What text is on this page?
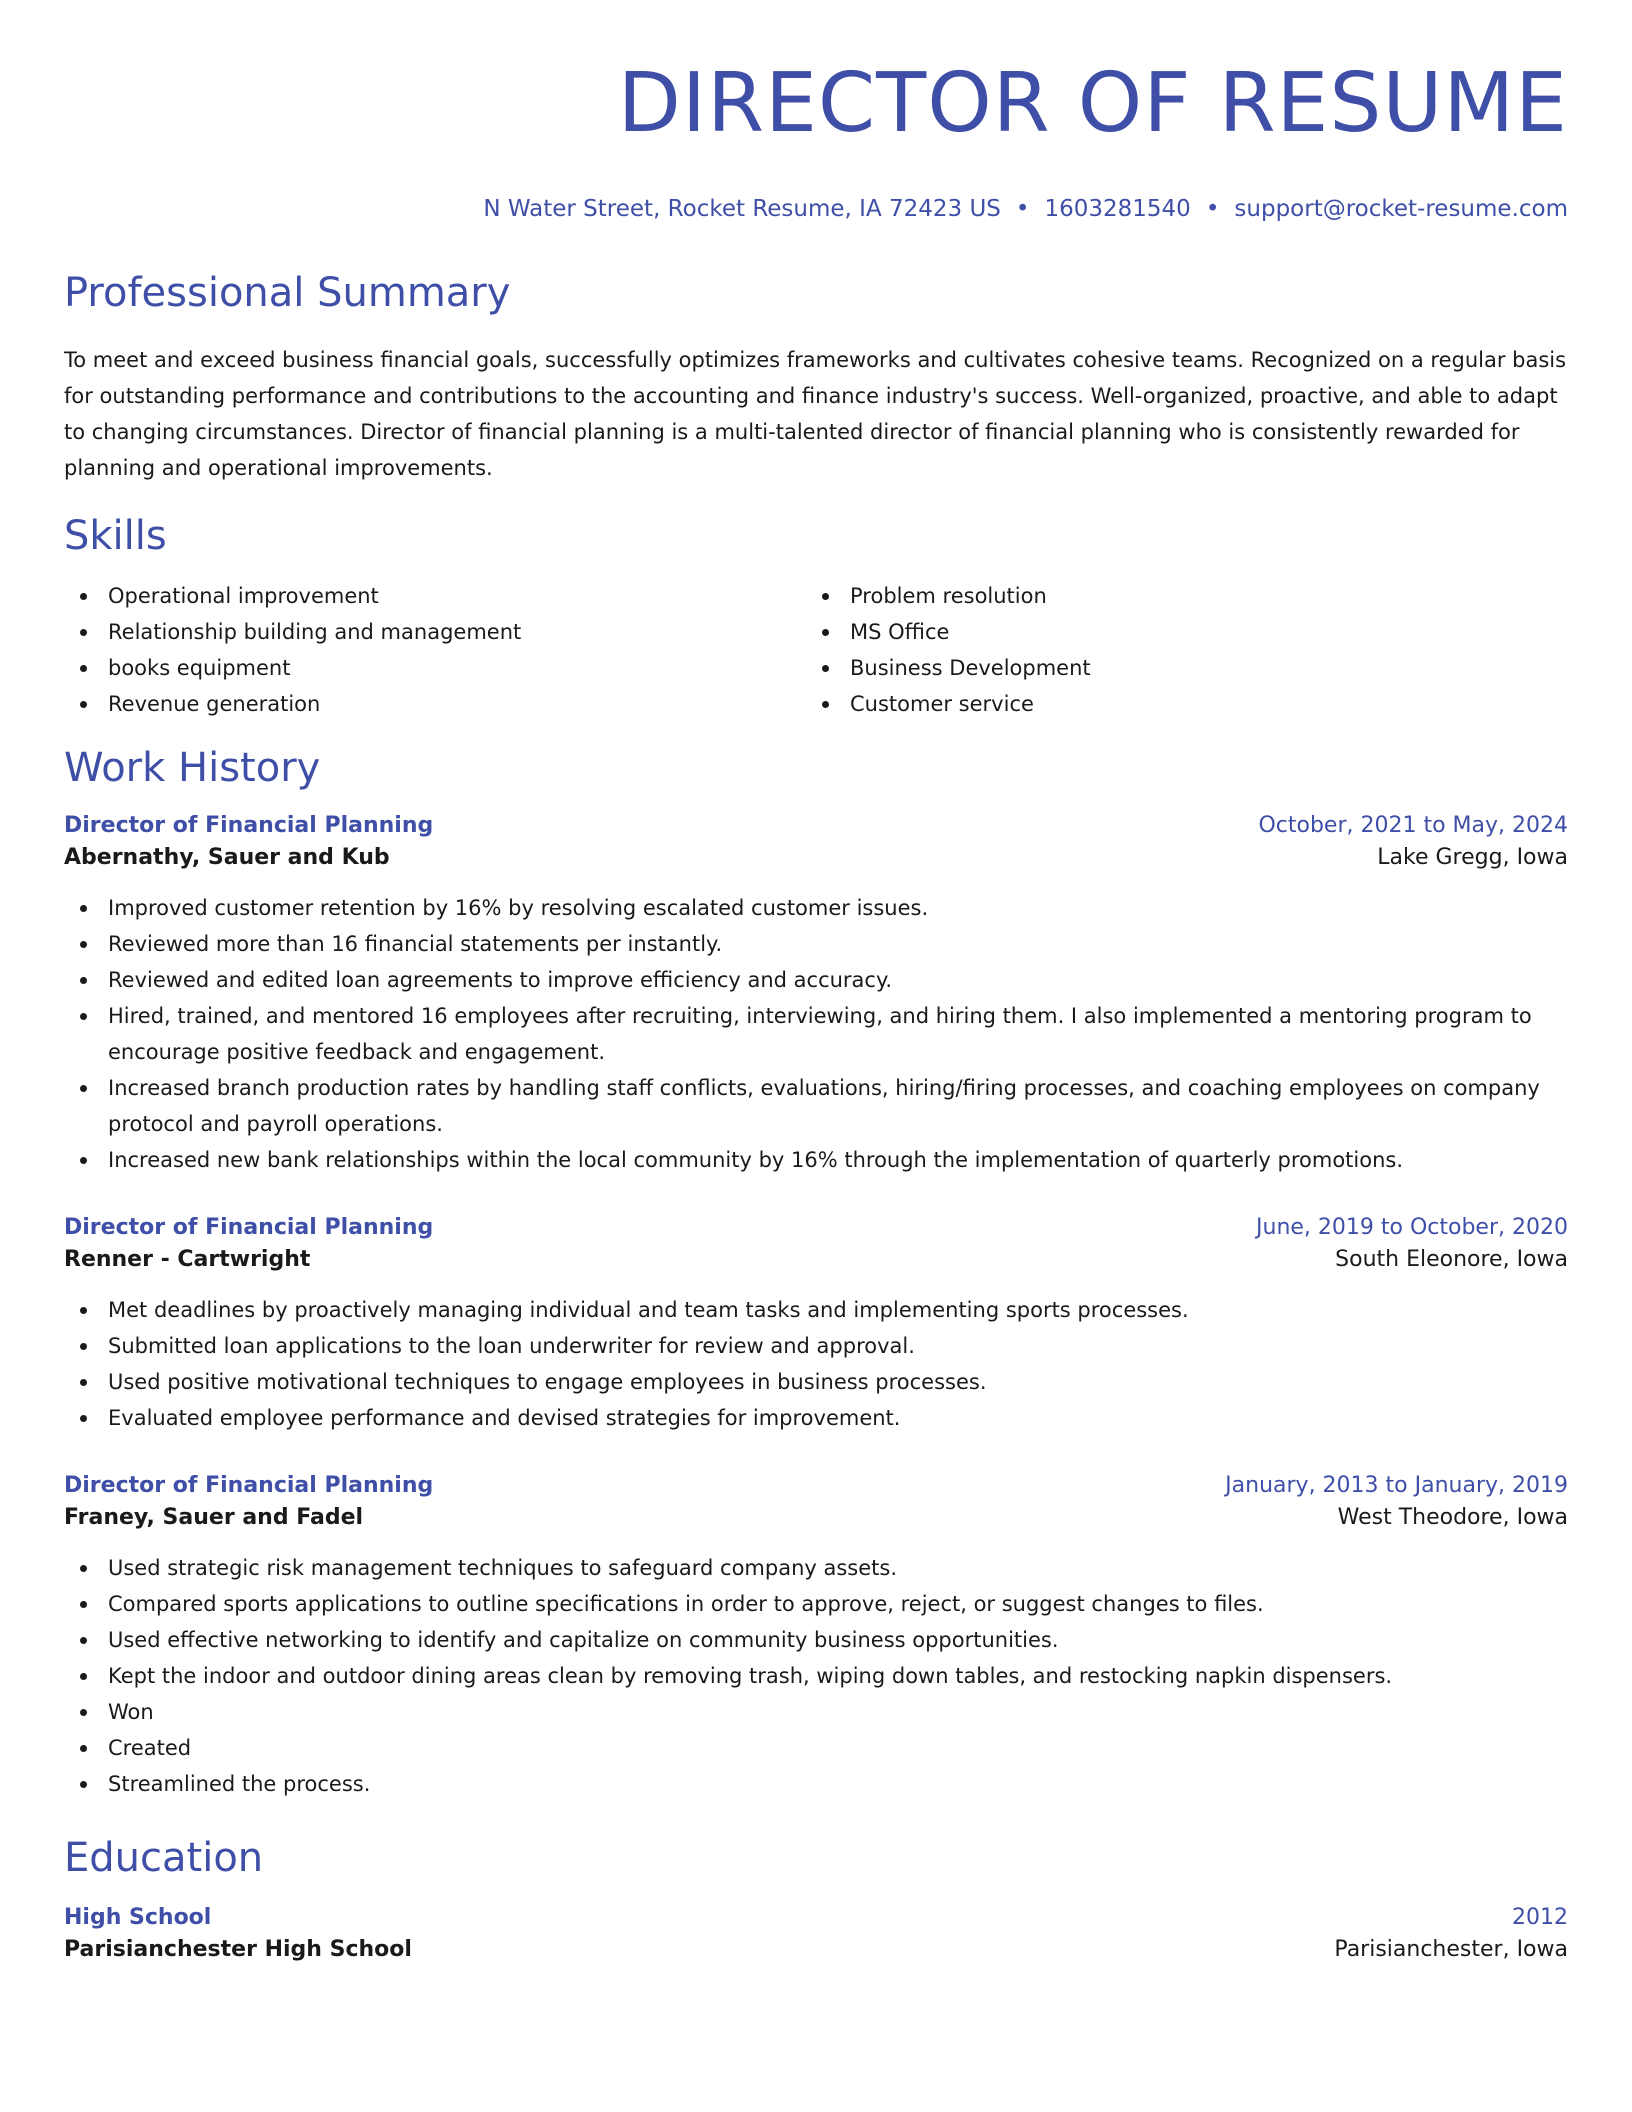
DIRECTOR OF RESUME
N Water Street, Rocket Resume, IA 72423 US • 1603281540 • support@rocket-resume.com
Professional Summary
To meet and exceed business financial goals, successfully optimizes frameworks and cultivates cohesive teams. Recognized on a regular basis for outstanding performance and contributions to the accounting and finance industry's success. Well-organized, proactive, and able to adapt to changing circumstances. Director of financial planning is a multi-talented director of financial planning who is consistently rewarded for planning and operational improvements.
Skills
Operational improvement
Relationship building and management
books equipment
Revenue generation
Problem resolution
MS Office
Business Development
Customer service
Work History
Director of Financial Planning	October, 2021 to May, 2024
Abernathy, Sauer and Kub	Lake Gregg, Iowa
Improved customer retention by 16% by resolving escalated customer issues.
Reviewed more than 16 financial statements per instantly.
Reviewed and edited loan agreements to improve efficiency and accuracy.
Hired, trained, and mentored 16 employees after recruiting, interviewing, and hiring them. I also implemented a mentoring program to encourage positive feedback and engagement.
Increased branch production rates by handling staff conflicts, evaluations, hiring/firing processes, and coaching employees on company protocol and payroll operations.
Increased new bank relationships within the local community by 16% through the implementation of quarterly promotions.
Director of Financial Planning	June, 2019 to October, 2020
Renner - Cartwright	South Eleonore, Iowa
Met deadlines by proactively managing individual and team tasks and implementing sports processes.
Submitted loan applications to the loan underwriter for review and approval.
Used positive motivational techniques to engage employees in business processes.
Evaluated employee performance and devised strategies for improvement.
Director of Financial Planning	January, 2013 to January, 2019
Franey, Sauer and Fadel	West Theodore, Iowa
Used strategic risk management techniques to safeguard company assets.
Compared sports applications to outline specifications in order to approve, reject, or suggest changes to files.
Used effective networking to identify and capitalize on community business opportunities.
Kept the indoor and outdoor dining areas clean by removing trash, wiping down tables, and restocking napkin dispensers.
Won
Created
Streamlined the process.
Education
High School	2012
Parisianchester High School	Parisianchester, Iowa
